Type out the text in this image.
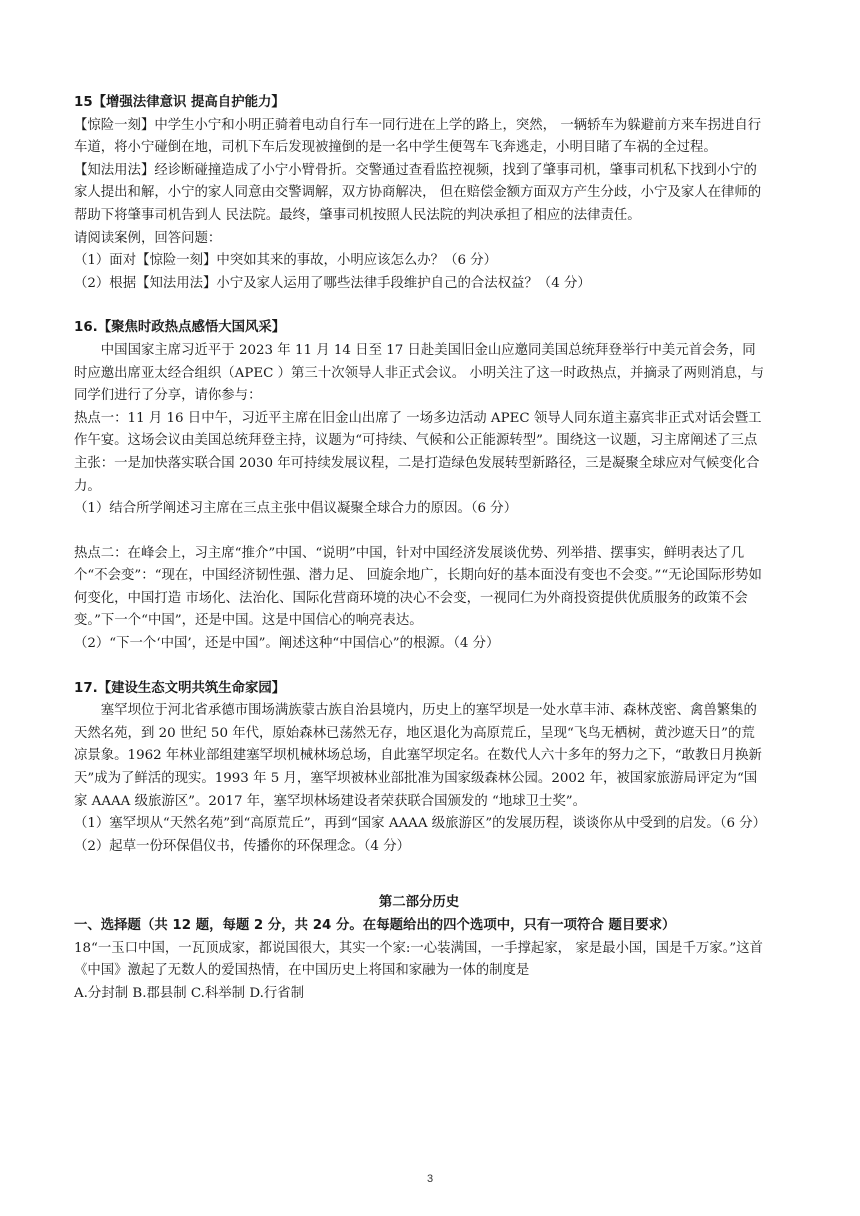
15【增强法律意识 提高自护能力】

【惊险一刻】中学生小宁和小明正骑着电动自行车一同行进在上学的路上，突然， 一辆轿车为躲避前方来车拐进自行车道，将小宁碰倒在地，司机下车后发现被撞倒的是一名中学生便驾车飞奔逃走，小明目睹了车祸的全过程。

【知法用法】经诊断碰撞造成了小宁小臂骨折。交警通过查看监控视频，找到了肇事司机，肇事司机私下找到小宁的家人提出和解，小宁的家人同意由交警调解，双方协商解决， 但在赔偿金额方面双方产生分歧，小宁及家人在律师的帮助下将肇事司机告到人 民法院。最终，肇事司机按照人民法院的判决承担了相应的法律责任。

请阅读案例，回答问题：

（1）面对【惊险一刻】中突如其来的事故，小明应该怎么办？（6 分）

（2）根据【知法用法】小宁及家人运用了哪些法律手段维护自己的合法权益？（4 分）

16.【聚焦时政热点感悟大国风采】

中国国家主席习近平于 2023 年 11 月 14 日至 17 日赴美国旧金山应邀同美国总统拜登举行中美元首会务，同时应邀出席亚太经合组织（APEC ）第三十次领导人非正式会议。 小明关注了这一时政热点，并摘录了两则消息，与同学们进行了分享，请你参与：

热点一：11 月 16 日中午，习近平主席在旧金山出席了 一场多边活动 APEC 领导人同东道主嘉宾非正式对话会暨工作午宴。这场会议由美国总统拜登主持，议题为“可持续、气候和公正能源转型”。围绕这一议题，习主席阐述了三点主张：一是加快落实联合国 2030 年可持续发展议程，二是打造绿色发展转型新路径，三是凝聚全球应对气候变化合力。

（1）结合所学阐述习主席在三点主张中倡议凝聚全球合力的原因。（6 分）

热点二：在峰会上，习主席“推介”中国、“说明”中国，针对中国经济发展谈优势、列举措、摆事实，鲜明表达了几个“不会变”：“现在，中国经济韧性强、潜力足、 回旋余地广，长期向好的基本面没有变也不会变。”“无论国际形势如何变化，中国打造 市场化、法治化、国际化营商环境的决心不会变，一视同仁为外商投资提供优质服务的政策不会变。”下一个“中国”，还是中国。这是中国信心的响亮表达。

（2）“下一个‘中国’，还是中国”。阐述这种“中国信心”的根源。（4 分）

17.【建设生态文明共筑生命家园】

塞罕坝位于河北省承德市围场满族蒙古族自治县境内，历史上的塞罕坝是一处水草丰沛、森林茂密、禽兽繁集的天然名苑，到 20 世纪 50 年代，原始森林已荡然无存，地区退化为高原荒丘，呈现“飞鸟无栖树，黄沙遮天日”的荒凉景象。1962 年林业部组建塞罕坝机械林场总场，自此塞罕坝定名。在数代人六十多年的努力之下，“敢教日月换新天”成为了鲜活的现实。1993 年 5 月，塞罕坝被林业部批准为国家级森林公园。2002 年，被国家旅游局评定为“国家 AAAA 级旅游区”。2017 年，塞罕坝林场建设者荣获联合国颁发的 “地球卫士奖”。

（1）塞罕坝从“天然名苑”到“高原荒丘”，再到“国家 AAAA 级旅游区”的发展历程，谈谈你从中受到的启发。（6 分）

（2）起草一份环保倡仪书，传播你的环保理念。（4 分）

第二部分历史

一、选择题（共 12 题，每题 2 分，共 24 分。在每题给出的四个选项中，只有一项符合 题目要求）

18“一玉口中国，一瓦顶成家，都说国很大，其实一个家:一心装满国，一手撑起家， 家是最小国，国是千万家。”这首《中国》激起了无数人的爱国热情，在中国历史上将国和家融为一体的制度是

A.分封制 B.郡县制 C.科举制 D.行省制

3
